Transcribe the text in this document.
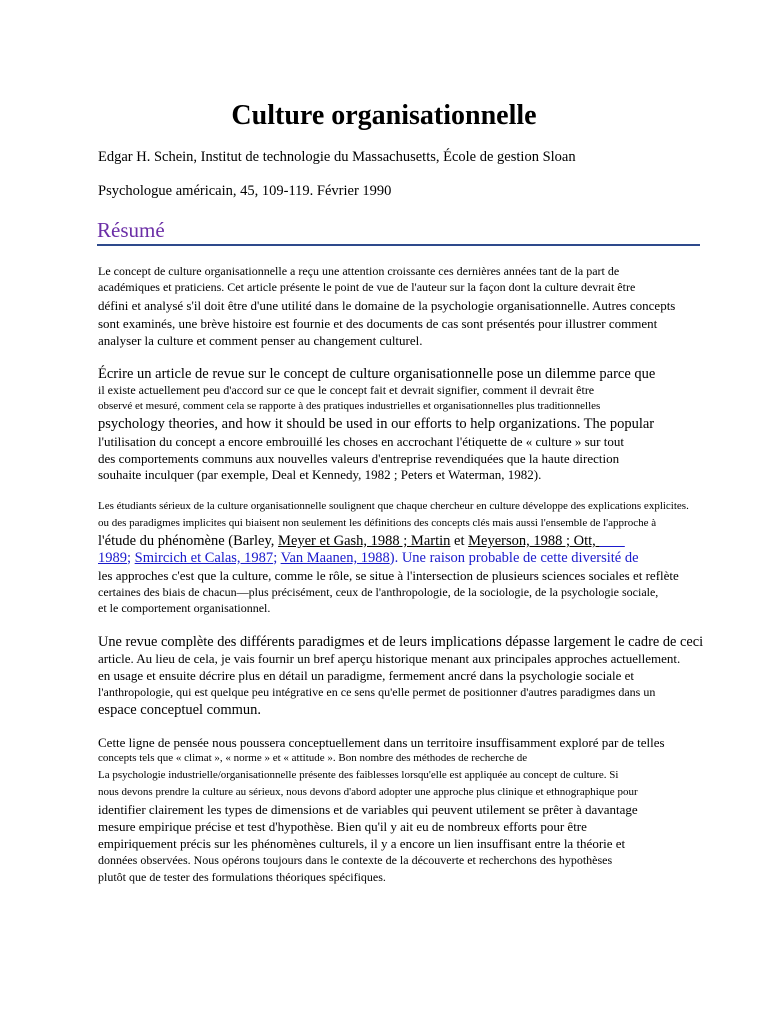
Culture organisationnelle

Edgar H. Schein, Institut de technologie du Massachusetts, École de gestion Sloan

Psychologue américain, 45, 109-119. Février 1990

Résumé

Le concept de culture organisationnelle a reçu une attention croissante ces dernières années tant de la part de

académiques et praticiens. Cet article présente le point de vue de l'auteur sur la façon dont la culture devrait être

défini et analysé s'il doit être d'une utilité dans le domaine de la psychologie organisationnelle. Autres concepts

sont examinés, une brève histoire est fournie et des documents de cas sont présentés pour illustrer comment

analyser la culture et comment penser au changement culturel.

Écrire un article de revue sur le concept de culture organisationnelle pose un dilemme parce que

il existe actuellement peu d'accord sur ce que le concept fait et devrait signifier, comment il devrait être

observé et mesuré, comment cela se rapporte à des pratiques industrielles et organisationnelles plus traditionnelles

psychology theories, and how it should be used in our efforts to help organizations. The popular

l'utilisation du concept a encore embrouillé les choses en accrochant l'étiquette de « culture » sur tout

des comportements communs aux nouvelles valeurs d'entreprise revendiquées que la haute direction

souhaite inculquer (par exemple, Deal et Kennedy, 1982 ; Peters et Waterman, 1982).

Les étudiants sérieux de la culture organisationnelle soulignent que chaque chercheur en culture développe des explications explicites.

ou des paradigmes implicites qui biaisent non seulement les définitions des concepts clés mais aussi l'ensemble de l'approche à

l'étude du phénomène (Barley, Meyer et Gash, 1988 ; Martin et Meyerson, 1988 ; Ott,

1989; Smircich et Calas, 1987; Van Maanen, 1988). Une raison probable de cette diversité de

les approches c'est que la culture, comme le rôle, se situe à l'intersection de plusieurs sciences sociales et reflète

certaines des biais de chacun—plus précisément, ceux de l'anthropologie, de la sociologie, de la psychologie sociale,

et le comportement organisationnel.

Une revue complète des différents paradigmes et de leurs implications dépasse largement le cadre de ceci

article. Au lieu de cela, je vais fournir un bref aperçu historique menant aux principales approches actuellement.

en usage et ensuite décrire plus en détail un paradigme, fermement ancré dans la psychologie sociale et

l'anthropologie, qui est quelque peu intégrative en ce sens qu'elle permet de positionner d'autres paradigmes dans un

espace conceptuel commun.

Cette ligne de pensée nous poussera conceptuellement dans un territoire insuffisamment exploré par de telles

concepts tels que « climat », « norme » et « attitude ». Bon nombre des méthodes de recherche de

La psychologie industrielle/organisationnelle présente des faiblesses lorsqu'elle est appliquée au concept de culture. Si

nous devons prendre la culture au sérieux, nous devons d'abord adopter une approche plus clinique et ethnographique pour

identifier clairement les types de dimensions et de variables qui peuvent utilement se prêter à davantage

mesure empirique précise et test d'hypothèse. Bien qu'il y ait eu de nombreux efforts pour être

empiriquement précis sur les phénomènes culturels, il y a encore un lien insuffisant entre la théorie et

données observées. Nous opérons toujours dans le contexte de la découverte et recherchons des hypothèses

plutôt que de tester des formulations théoriques spécifiques.
